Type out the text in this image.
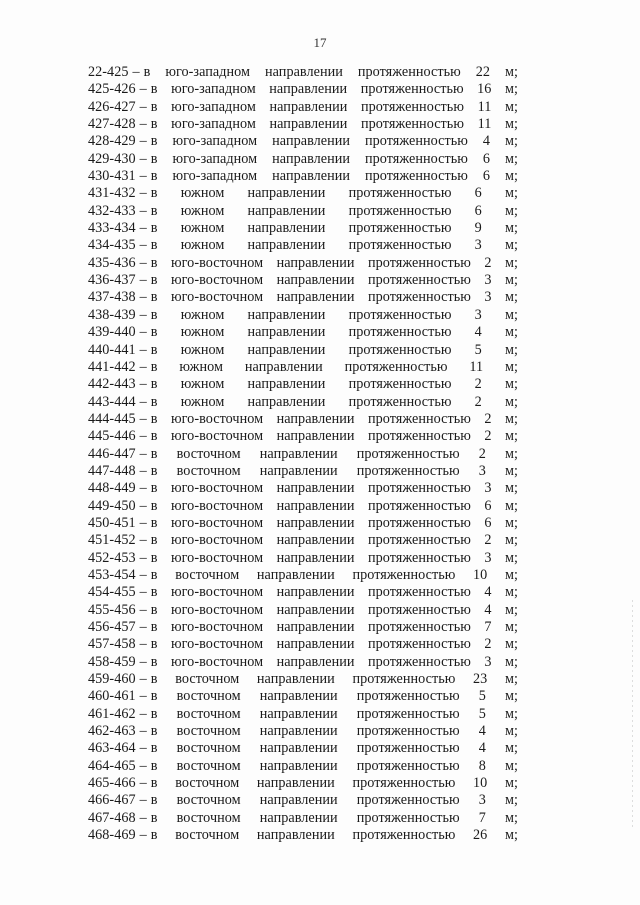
17
22-425 – в юго-западном направлении протяженностью 22 м;
425-426 – в юго-западном направлении протяженностью 16 м;
426-427 – в юго-западном направлении протяженностью 11 м;
427-428 – в юго-западном направлении протяженностью 11 м;
428-429 – в юго-западном направлении протяженностью 4 м;
429-430 – в юго-западном направлении протяженностью 6 м;
430-431 – в юго-западном направлении протяженностью 6 м;
431-432 – в южном направлении протяженностью 6 м;
432-433 – в южном направлении протяженностью 6 м;
433-434 – в южном направлении протяженностью 9 м;
434-435 – в южном направлении протяженностью 3 м;
435-436 – в юго-восточном направлении протяженностью 2 м;
436-437 – в юго-восточном направлении протяженностью 3 м;
437-438 – в юго-восточном направлении протяженностью 3 м;
438-439 – в южном направлении протяженностью 3 м;
439-440 – в южном направлении протяженностью 4 м;
440-441 – в южном направлении протяженностью 5 м;
441-442 – в южном направлении протяженностью 11 м;
442-443 – в южном направлении протяженностью 2 м;
443-444 – в южном направлении протяженностью 2 м;
444-445 – в юго-восточном направлении протяженностью 2 м;
445-446 – в юго-восточном направлении протяженностью 2 м;
446-447 – в восточном направлении протяженностью 2 м;
447-448 – в восточном направлении протяженностью 3 м;
448-449 – в юго-восточном направлении протяженностью 3 м;
449-450 – в юго-восточном направлении протяженностью 6 м;
450-451 – в юго-восточном направлении протяженностью 6 м;
451-452 – в юго-восточном направлении протяженностью 2 м;
452-453 – в юго-восточном направлении протяженностью 3 м;
453-454 – в восточном направлении протяженностью 10 м;
454-455 – в юго-восточном направлении протяженностью 4 м;
455-456 – в юго-восточном направлении протяженностью 4 м;
456-457 – в юго-восточном направлении протяженностью 7 м;
457-458 – в юго-восточном направлении протяженностью 2 м;
458-459 – в юго-восточном направлении протяженностью 3 м;
459-460 – в восточном направлении протяженностью 23 м;
460-461 – в восточном направлении протяженностью 5 м;
461-462 – в восточном направлении протяженностью 5 м;
462-463 – в восточном направлении протяженностью 4 м;
463-464 – в восточном направлении протяженностью 4 м;
464-465 – в восточном направлении протяженностью 8 м;
465-466 – в восточном направлении протяженностью 10 м;
466-467 – в восточном направлении протяженностью 3 м;
467-468 – в восточном направлении протяженностью 7 м;
468-469 – в восточном направлении протяженностью 26 м;
